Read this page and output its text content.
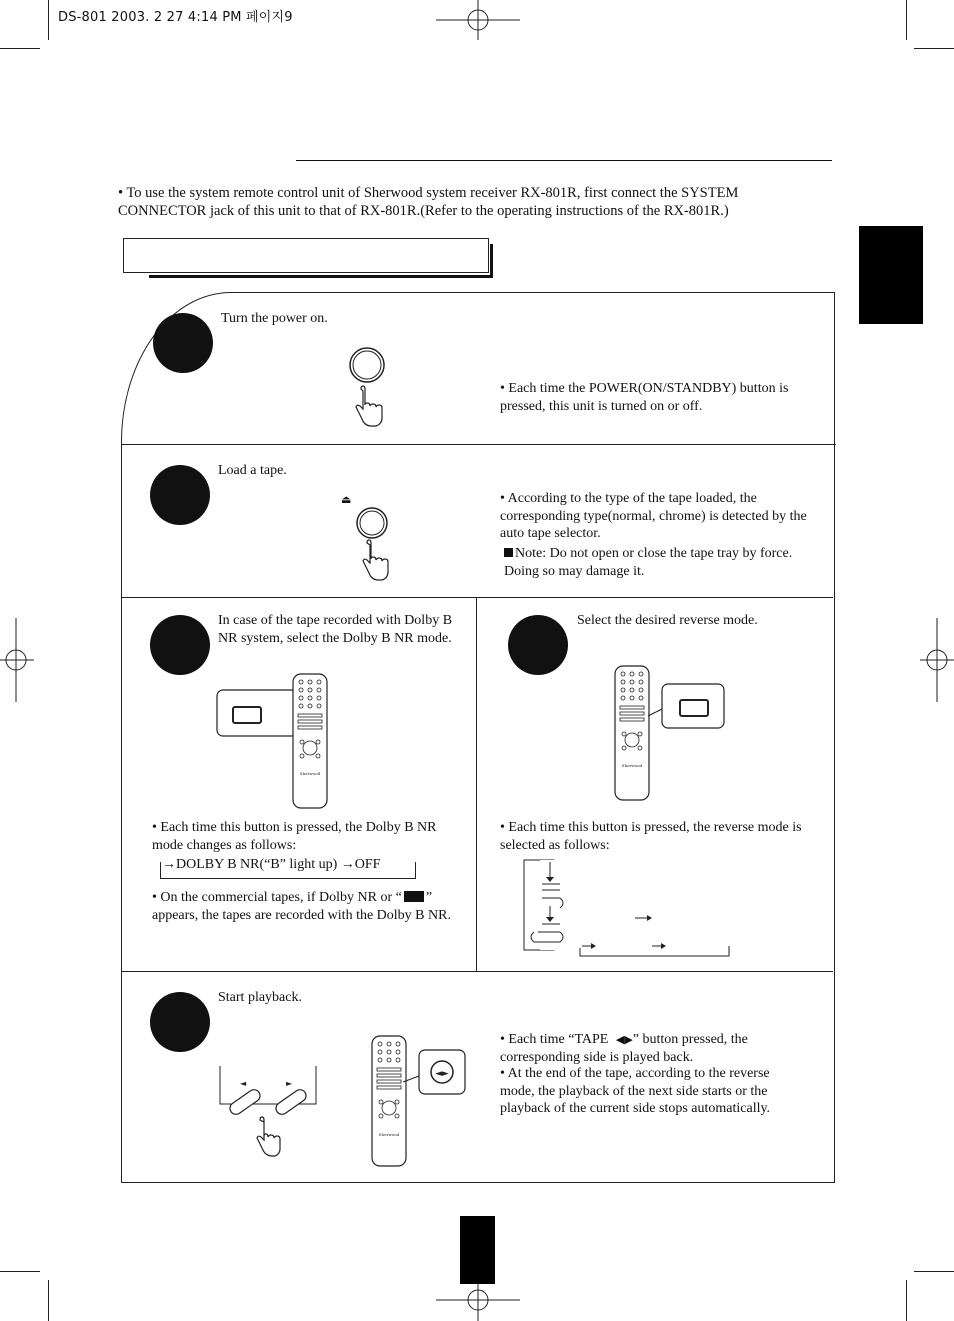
DS-801 2003. 2 27 4:14 PM 페이지9
• To use the system remote control unit of Sherwood system receiver RX-801R, first connect the SYSTEM CONNECTOR jack of this unit to that of RX-801R.(Refer to the operating instructions of the RX-801R.)
Turn the power on.
• Each time the POWER(ON/STANDBY) button is pressed, this unit is turned on or off.
Load a tape.
⏏	• According to the type of the tape loaded, the corresponding type(normal, chrome) is detected by the auto tape selector.
Note: Do not open or close the tape tray by force. Doing so may damage it.
In case of the tape recorded with Dolby B NR system, select the Dolby B NR mode.
Sherwood
• Each time this button is pressed, the Dolby B NR mode changes as follows:
→DOLBY B NR(“B” light up) →OFF
• On the commercial tapes, if Dolby NR or “ ” appears, the tapes are recorded with the Dolby B NR.
Select the desired reverse mode.
Sherwood
• Each time this button is pressed, the reverse mode is selected as follows:
Start playback.
◄	►
Sherwood
◄►
• Each time “TAPE ◀▶” button pressed, the corresponding side is played back.
• At the end of the tape, according to the reverse mode, the playback of the next side starts or the playback of the current side stops automatically.
